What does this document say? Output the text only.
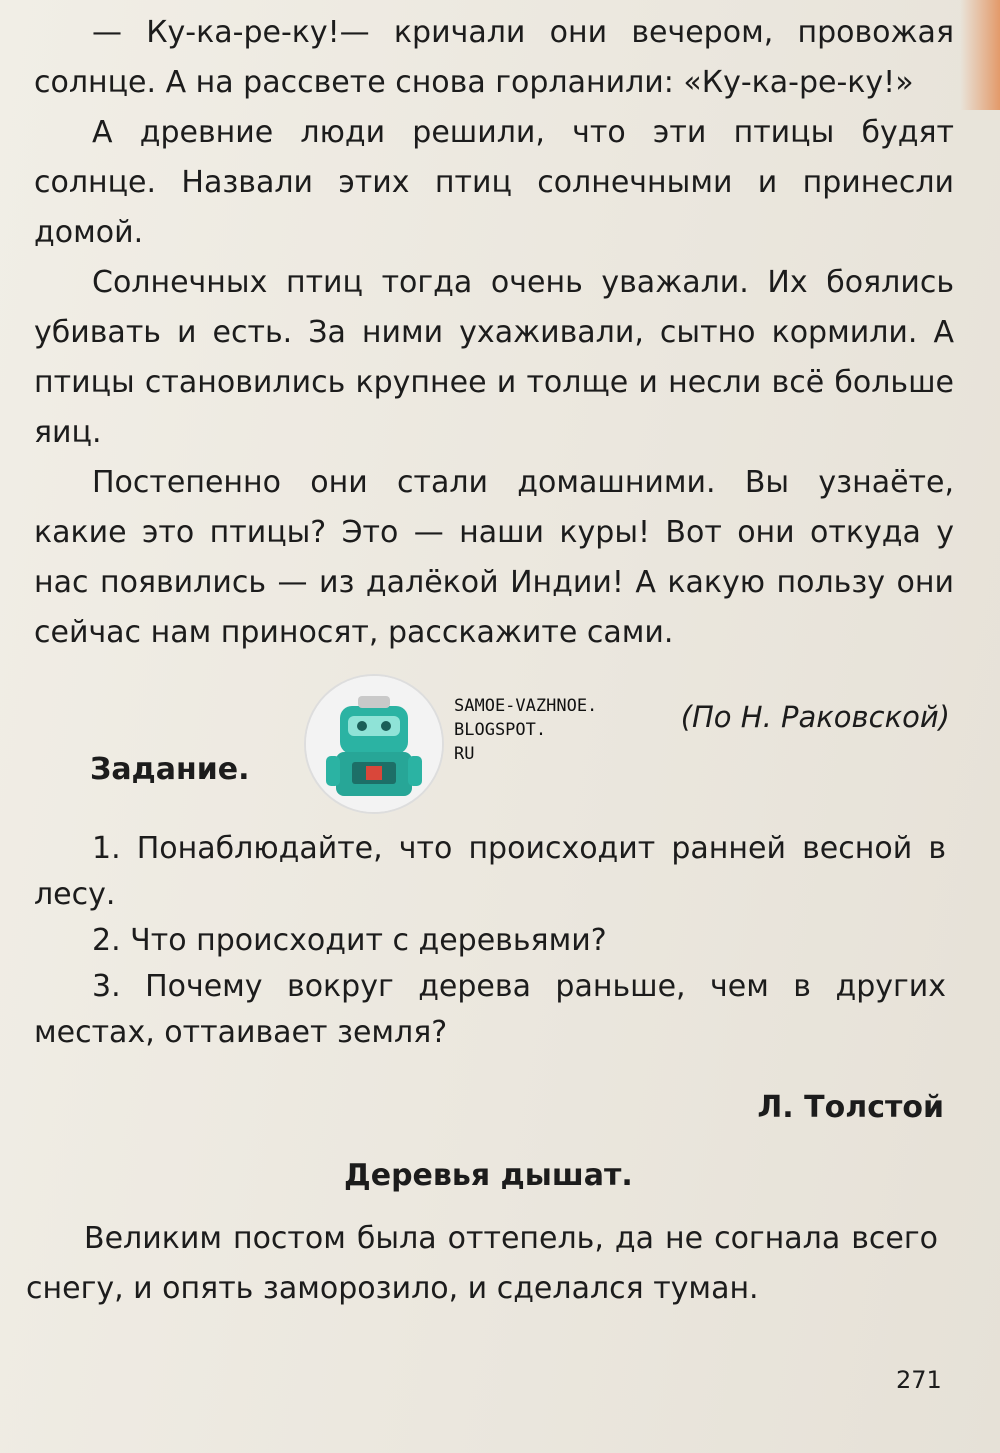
— Ку-ка-ре-ку!— кричали они вечером, провожая солнце. А на рассвете снова горланили: «Ку-ка-ре-ку!»

А древние люди решили, что эти птицы будят солнце. Назвали этих птиц солнечными и принесли домой.

Солнечных птиц тогда очень уважали. Их боялись убивать и есть. За ними ухаживали, сытно кормили. А птицы становились крупнее и толще и несли всё больше яиц.

Постепенно они стали домашними. Вы узнаёте, какие это птицы? Это — наши куры! Вот они откуда у нас появились — из далёкой Индии! А какую пользу они сейчас нам приносят, расскажите сами.

SAMOE-VAZHNOE.
BLOGSPOT.
RU
(По Н. Раковской)
Задание.

1. Понаблюдайте, что происходит ранней весной в лесу.

2. Что происходит с деревьями?

3. Почему вокруг дерева раньше, чем в других местах, оттаивает земля?

Л. Толстой
Деревья дышат.

Великим постом была оттепель, да не согнала всего снегу, и опять заморозило, и сделался туман.

271
